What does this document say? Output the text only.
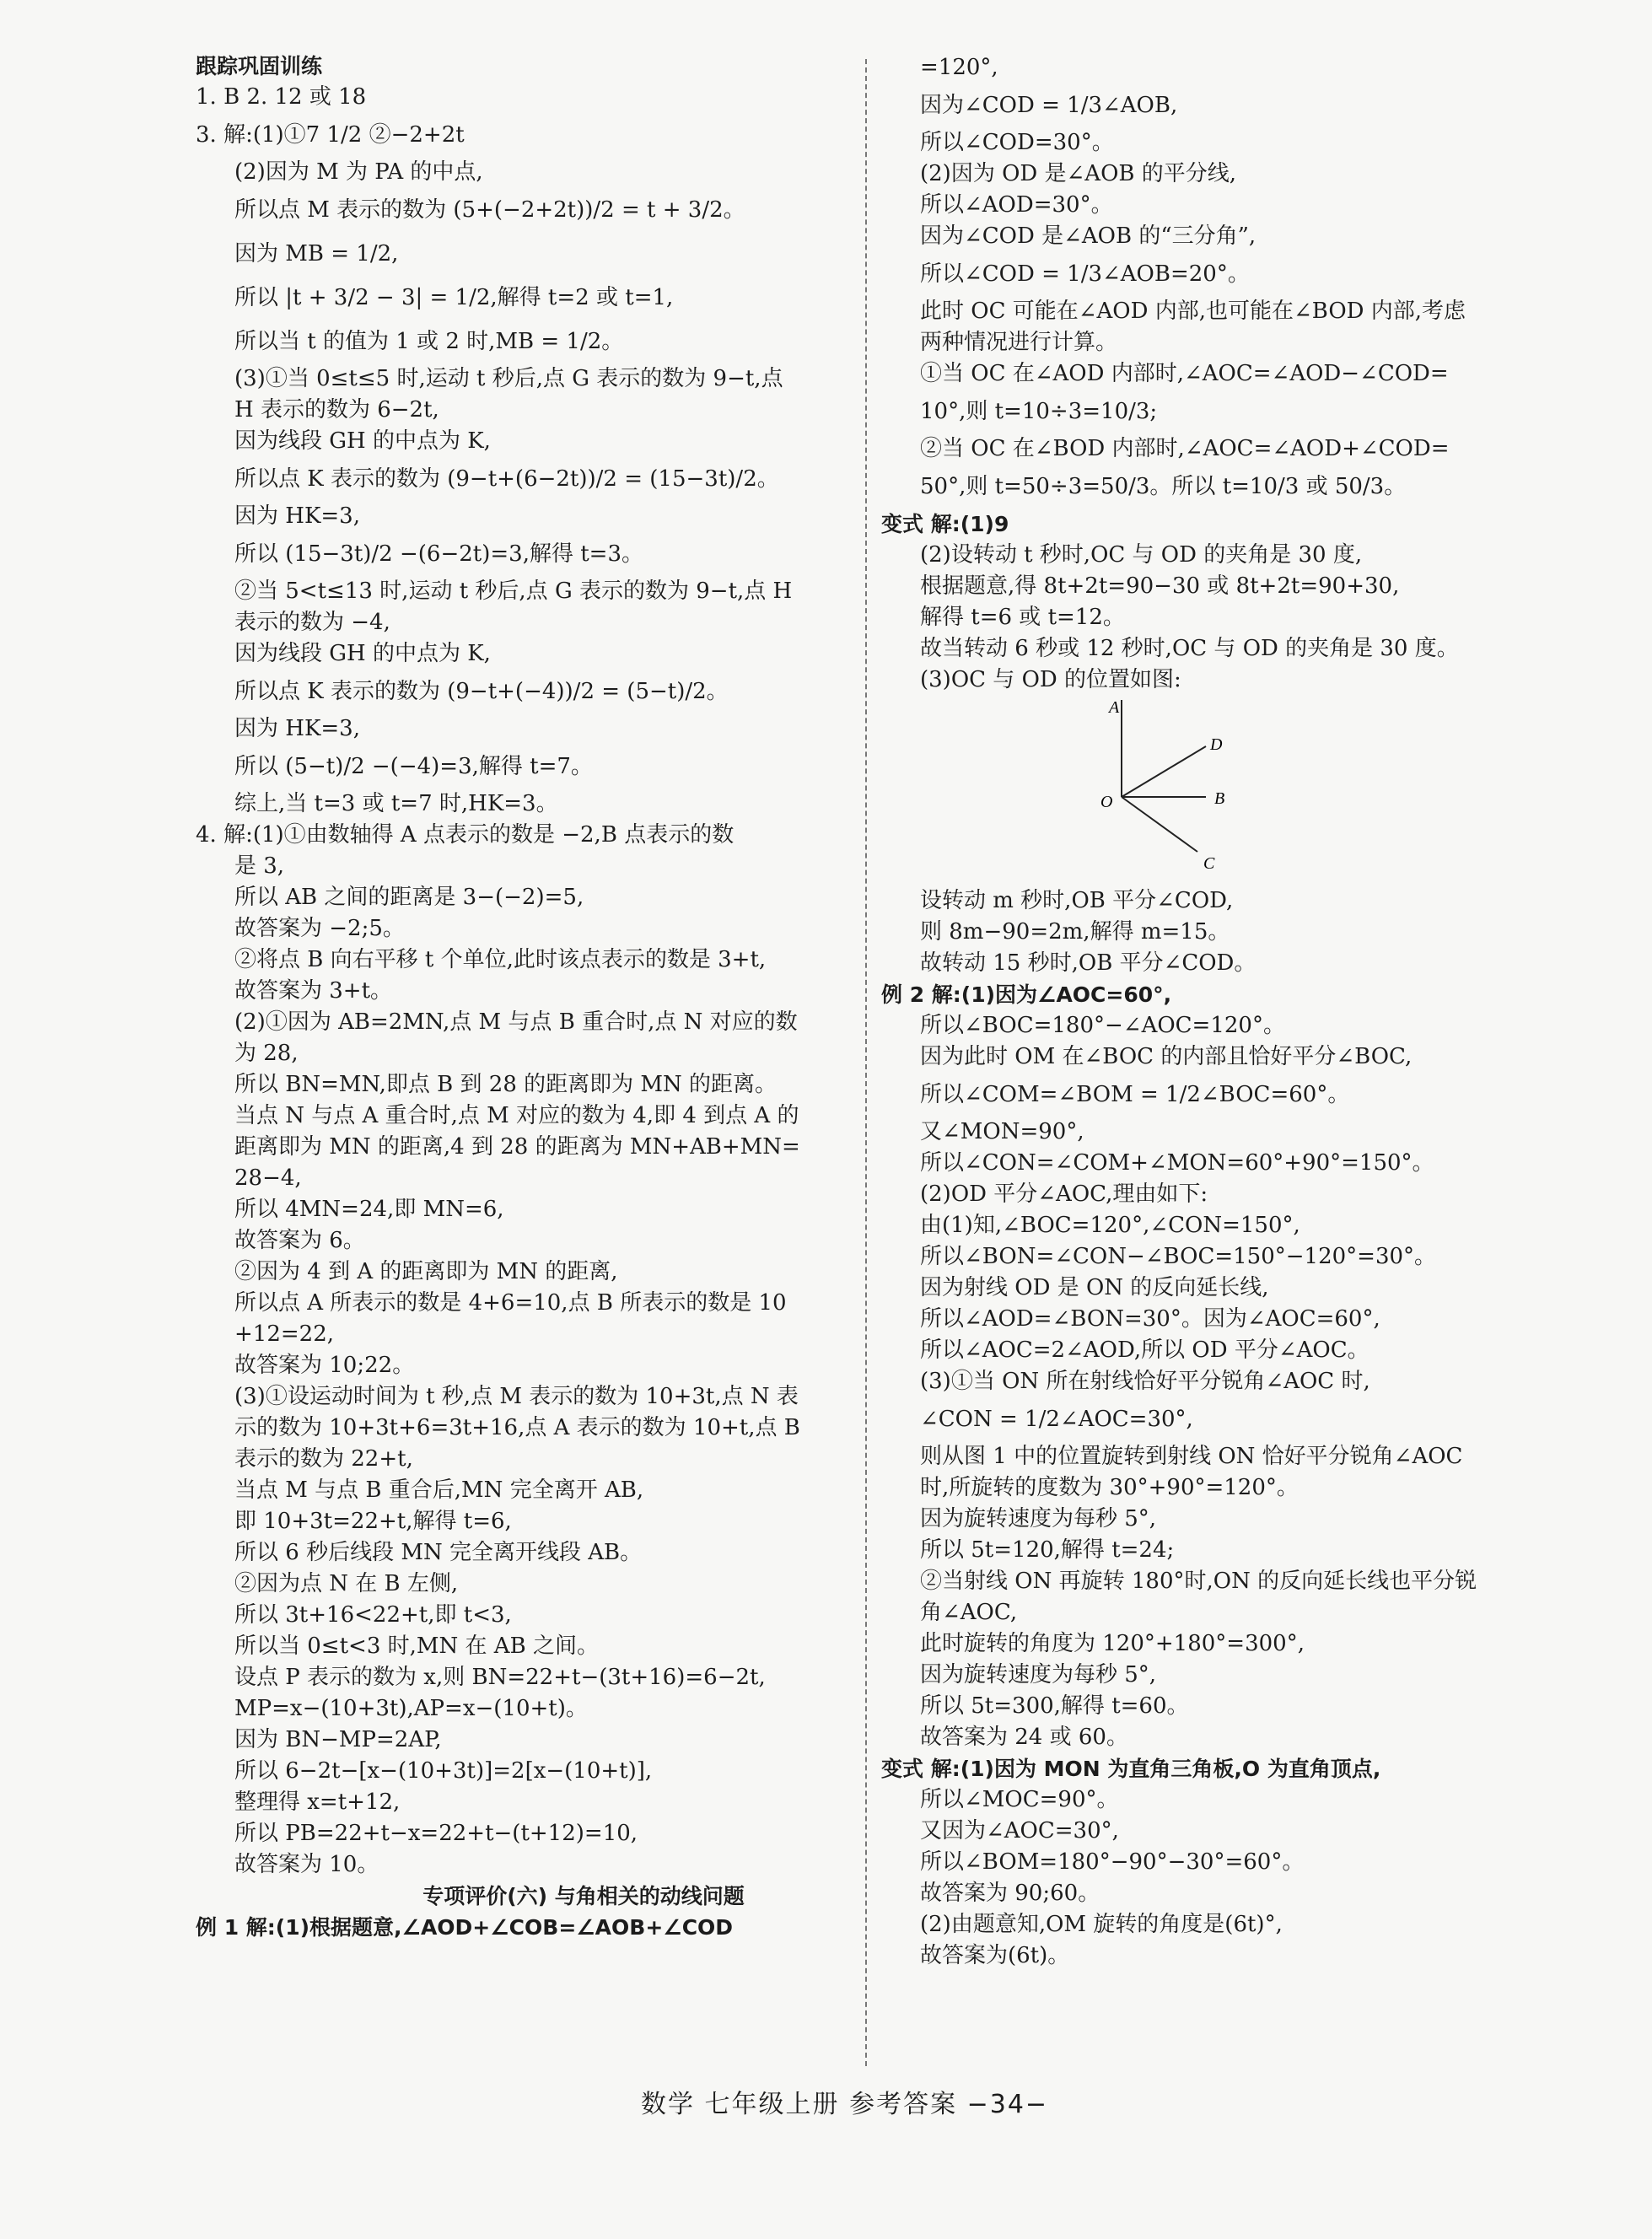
跟踪巩固训练
1. B 2. 12 或 18
3. 解:(1)①7 1/2 ②−2+2t
(2)因为 M 为 PA 的中点,
所以点 M 表示的数为 (5+(−2+2t))/2 = t + 3/2。
因为 MB = 1/2,
所以 |t + 3/2 − 3| = 1/2,解得 t=2 或 t=1,
所以当 t 的值为 1 或 2 时,MB = 1/2。
(3)①当 0≤t≤5 时,运动 t 秒后,点 G 表示的数为 9−t,点
H 表示的数为 6−2t,
因为线段 GH 的中点为 K,
所以点 K 表示的数为 (9−t+(6−2t))/2 = (15−3t)/2。
因为 HK=3,
所以 (15−3t)/2 −(6−2t)=3,解得 t=3。
②当 5<t≤13 时,运动 t 秒后,点 G 表示的数为 9−t,点 H
表示的数为 −4,
因为线段 GH 的中点为 K,
所以点 K 表示的数为 (9−t+(−4))/2 = (5−t)/2。
因为 HK=3,
所以 (5−t)/2 −(−4)=3,解得 t=7。
综上,当 t=3 或 t=7 时,HK=3。
4. 解:(1)①由数轴得 A 点表示的数是 −2,B 点表示的数
是 3,
所以 AB 之间的距离是 3−(−2)=5,
故答案为 −2;5。
②将点 B 向右平移 t 个单位,此时该点表示的数是 3+t,
故答案为 3+t。
(2)①因为 AB=2MN,点 M 与点 B 重合时,点 N 对应的数
为 28,
所以 BN=MN,即点 B 到 28 的距离即为 MN 的距离。
当点 N 与点 A 重合时,点 M 对应的数为 4,即 4 到点 A 的
距离即为 MN 的距离,4 到 28 的距离为 MN+AB+MN=
28−4,
所以 4MN=24,即 MN=6,
故答案为 6。
②因为 4 到 A 的距离即为 MN 的距离,
所以点 A 所表示的数是 4+6=10,点 B 所表示的数是 10
+12=22,
故答案为 10;22。
(3)①设运动时间为 t 秒,点 M 表示的数为 10+3t,点 N 表
示的数为 10+3t+6=3t+16,点 A 表示的数为 10+t,点 B
表示的数为 22+t,
当点 M 与点 B 重合后,MN 完全离开 AB,
即 10+3t=22+t,解得 t=6,
所以 6 秒后线段 MN 完全离开线段 AB。
②因为点 N 在 B 左侧,
所以 3t+16<22+t,即 t<3,
所以当 0≤t<3 时,MN 在 AB 之间。
设点 P 表示的数为 x,则 BN=22+t−(3t+16)=6−2t,
MP=x−(10+3t),AP=x−(10+t)。
因为 BN−MP=2AP,
所以 6−2t−[x−(10+3t)]=2[x−(10+t)],
整理得 x=t+12,
所以 PB=22+t−x=22+t−(t+12)=10,
故答案为 10。
专项评价(六) 与角相关的动线问题
例 1 解:(1)根据题意,∠AOD+∠COB=∠AOB+∠COD
=120°,
因为∠COD = 1/3∠AOB,
所以∠COD=30°。
(2)因为 OD 是∠AOB 的平分线,
所以∠AOD=30°。
因为∠COD 是∠AOB 的“三分角”,
所以∠COD = 1/3∠AOB=20°。
此时 OC 可能在∠AOD 内部,也可能在∠BOD 内部,考虑
两种情况进行计算。
①当 OC 在∠AOD 内部时,∠AOC=∠AOD−∠COD=
10°,则 t=10÷3=10/3;
②当 OC 在∠BOD 内部时,∠AOC=∠AOD+∠COD=
50°,则 t=50÷3=50/3。所以 t=10/3 或 50/3。
变式 解:(1)9
(2)设转动 t 秒时,OC 与 OD 的夹角是 30 度,
根据题意,得 8t+2t=90−30 或 8t+2t=90+30,
解得 t=6 或 t=12。
故当转动 6 秒或 12 秒时,OC 与 OD 的夹角是 30 度。
(3)OC 与 OD 的位置如图:
A
D
O	B
C
设转动 m 秒时,OB 平分∠COD,
则 8m−90=2m,解得 m=15。
故转动 15 秒时,OB 平分∠COD。
例 2 解:(1)因为∠AOC=60°,
所以∠BOC=180°−∠AOC=120°。
因为此时 OM 在∠BOC 的内部且恰好平分∠BOC,
所以∠COM=∠BOM = 1/2∠BOC=60°。
又∠MON=90°,
所以∠CON=∠COM+∠MON=60°+90°=150°。
(2)OD 平分∠AOC,理由如下:
由(1)知,∠BOC=120°,∠CON=150°,
所以∠BON=∠CON−∠BOC=150°−120°=30°。
因为射线 OD 是 ON 的反向延长线,
所以∠AOD=∠BON=30°。因为∠AOC=60°,
所以∠AOC=2∠AOD,所以 OD 平分∠AOC。
(3)①当 ON 所在射线恰好平分锐角∠AOC 时,
∠CON = 1/2∠AOC=30°,
则从图 1 中的位置旋转到射线 ON 恰好平分锐角∠AOC
时,所旋转的度数为 30°+90°=120°。
因为旋转速度为每秒 5°,
所以 5t=120,解得 t=24;
②当射线 ON 再旋转 180°时,ON 的反向延长线也平分锐
角∠AOC,
此时旋转的角度为 120°+180°=300°,
因为旋转速度为每秒 5°,
所以 5t=300,解得 t=60。
故答案为 24 或 60。
变式 解:(1)因为 MON 为直角三角板,O 为直角顶点,
所以∠MOC=90°。
又因为∠AOC=30°,
所以∠BOM=180°−90°−30°=60°。
故答案为 90;60。
(2)由题意知,OM 旋转的角度是(6t)°,
故答案为(6t)。
数学 七年级上册 参考答案 −34−
